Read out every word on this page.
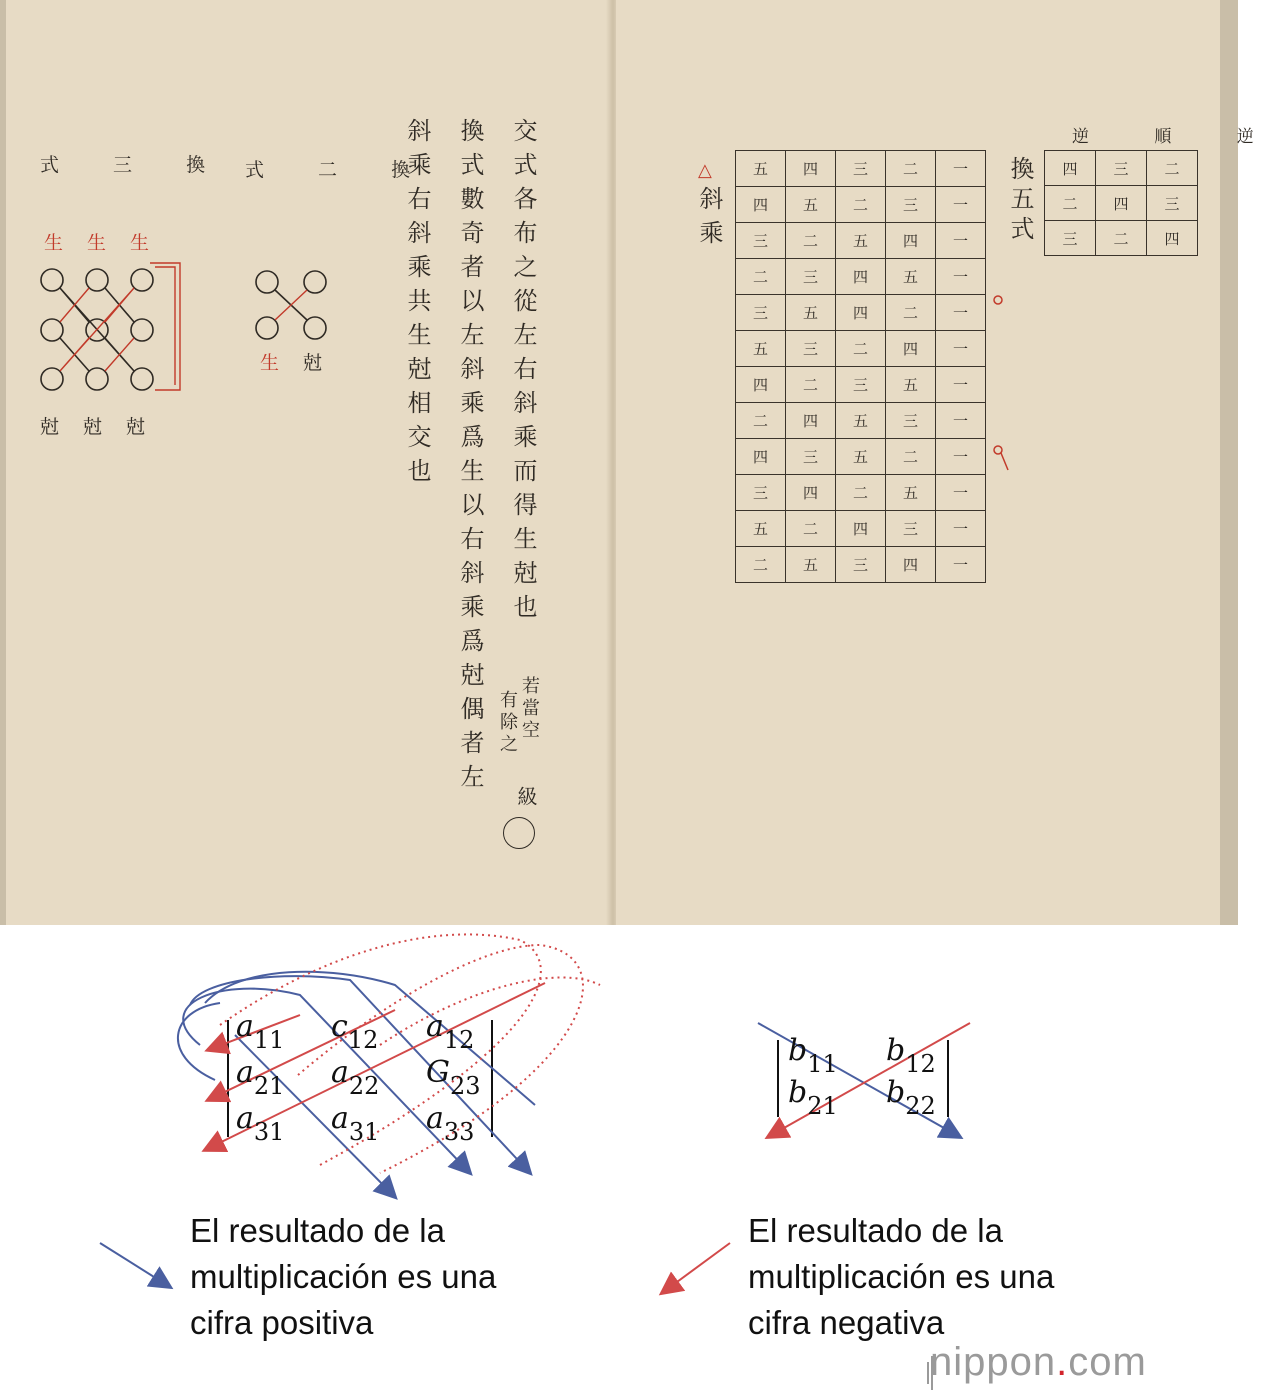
式 三 換
生生生
尅尅尅
式 二 換
生尅	交式各布之從左右斜乘而得生尅也
換式數奇者以左斜乘爲生以右斜乘爲尅偶者左
斜乘右斜乘共生尅相交也
若當空
有除之
級
△
斜乘	換五式
逆 順 逆
五	四	三	二	一
四	五	二	三	一
三	二	五	四	一
二	三	四	五	一
三	五	四	二	一
五	三	二	四	一
四	二	三	五	一
二	四	五	三	一
四	三	五	二	一
三	四	二	五	一
五	二	四	三	一
二	五	三	四	一
四	三	二
二	四	三
三	二	四
$a_{11}$ $c_{12}$ $a_{12}$
$a_{21}$ $a_{22}$ $G_{23}$
$a_{31}$ $a_{31}$ $a_{33}$
$b_{11}$ $b_{12}$
$b_{21}$ $b_{22}$
El resultado de la
multiplicación es una
cifra positiva
El resultado de la
multiplicación es una
cifra negativa
nippon.com
